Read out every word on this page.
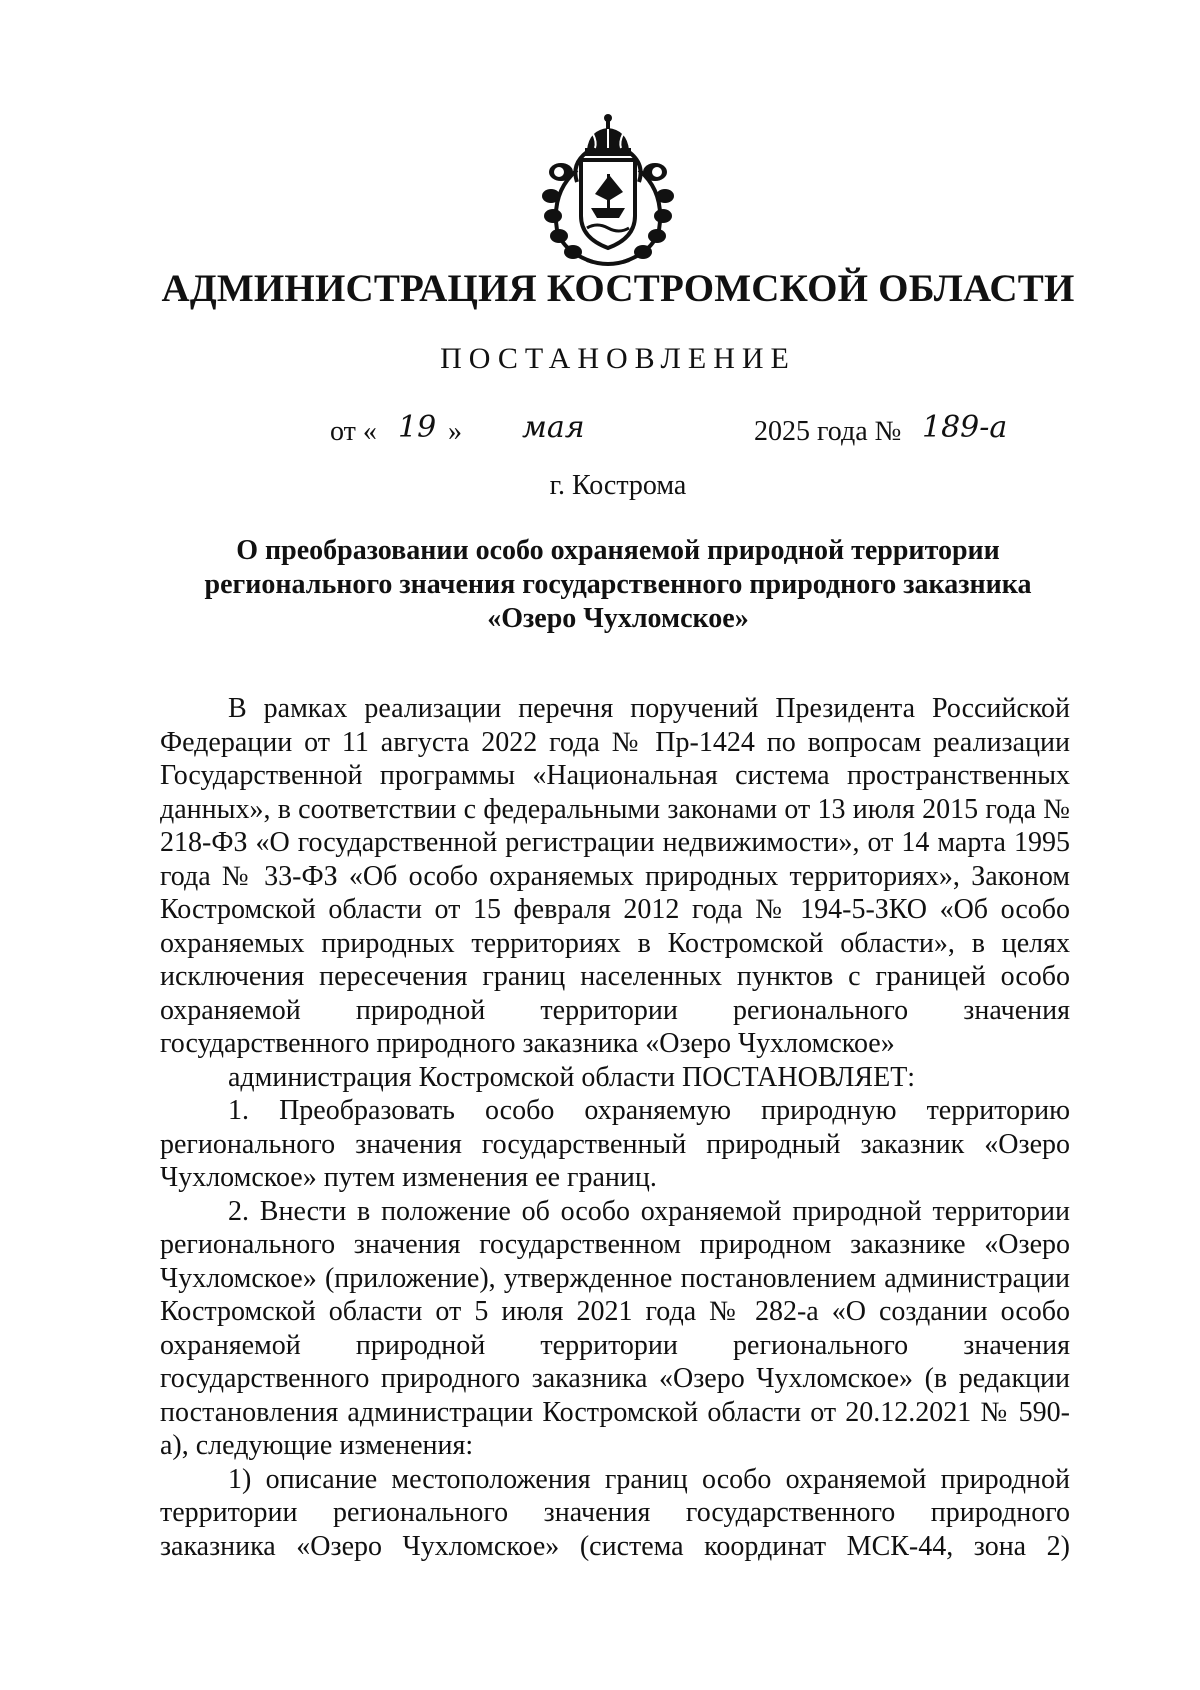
АДМИНИСТРАЦИЯ КОСТРОМСКОЙ ОБЛАСТИ
ПОСТАНОВЛЕНИЕ
от « 19 » мая	2025 года № 189-а
г. Кострома
О преобразовании особо охраняемой природной территории
регионального значения государственного природного заказника
«Озеро Чухломское»

В рамках реализации перечня поручений Президента Российской Федерации от 11 августа 2022 года № Пр-1424 по вопросам реализации Государственной программы «Национальная система пространственных данных», в соответствии с федеральными законами от 13 июля 2015 года № 218-ФЗ «О государственной регистрации недвижимости», от 14 марта 1995 года № 33-ФЗ «Об особо охраняемых природных территориях», Законом Костромской области от 15 февраля 2012 года № 194-5-ЗКО «Об особо охраняемых природных территориях в Костромской области», в целях исключения пересечения границ населенных пунктов с границей особо охраняемой природной территории регионального значения государственного природного заказника «Озеро Чухломское»

администрация Костромской области ПОСТАНОВЛЯЕТ:

1. Преобразовать особо охраняемую природную территорию регионального значения государственный природный заказник «Озеро Чухломское» путем изменения ее границ.

2. Внести в положение об особо охраняемой природной территории регионального значения государственном природном заказнике «Озеро Чухломское» (приложение), утвержденное постановлением администрации Костромской области от 5 июля 2021 года № 282-а «О создании особо охраняемой природной территории регионального значения государственного природного заказника «Озеро Чухломское» (в редакции постановления администрации Костромской области от 20.12.2021 № 590-а), следующие изменения:

1) описание местоположения границ особо охраняемой природной территории регионального значения государственного природного заказника «Озеро Чухломское» (система координат МСК-44, зона 2)
